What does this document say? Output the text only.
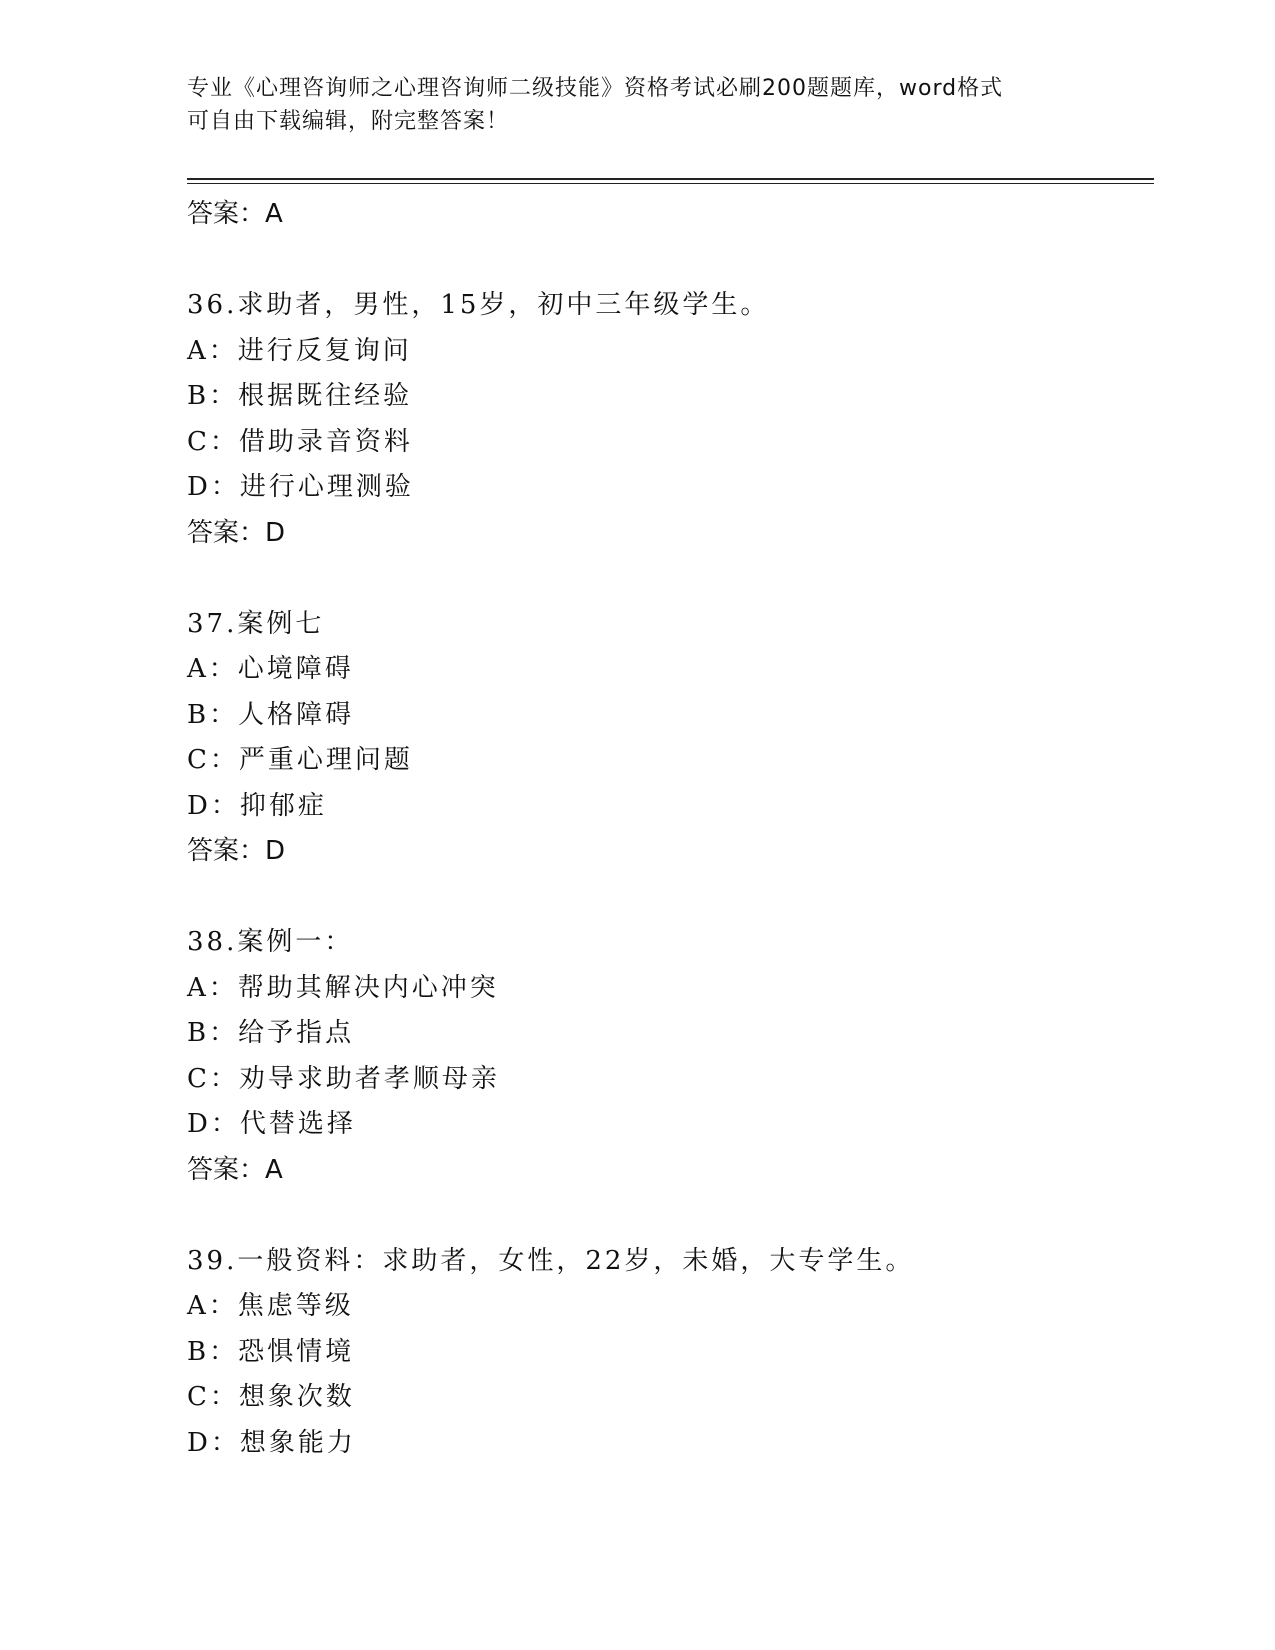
专业《心理咨询师之心理咨询师二级技能》资格考试必刷200题题库，word格式
可自由下载编辑，附完整答案！
答案：A
36.求助者，男性，15岁，初中三年级学生。
A：进行反复询问
B：根据既往经验
C：借助录音资料
D：进行心理测验
答案：D
37.案例七
A：心境障碍
B：人格障碍
C：严重心理问题
D：抑郁症
答案：D
38.案例一：
A：帮助其解决内心冲突
B：给予指点
C：劝导求助者孝顺母亲
D：代替选择
答案：A
39.一般资料：求助者，女性，22岁，未婚，大专学生。
A：焦虑等级
B：恐惧情境
C：想象次数
D：想象能力
